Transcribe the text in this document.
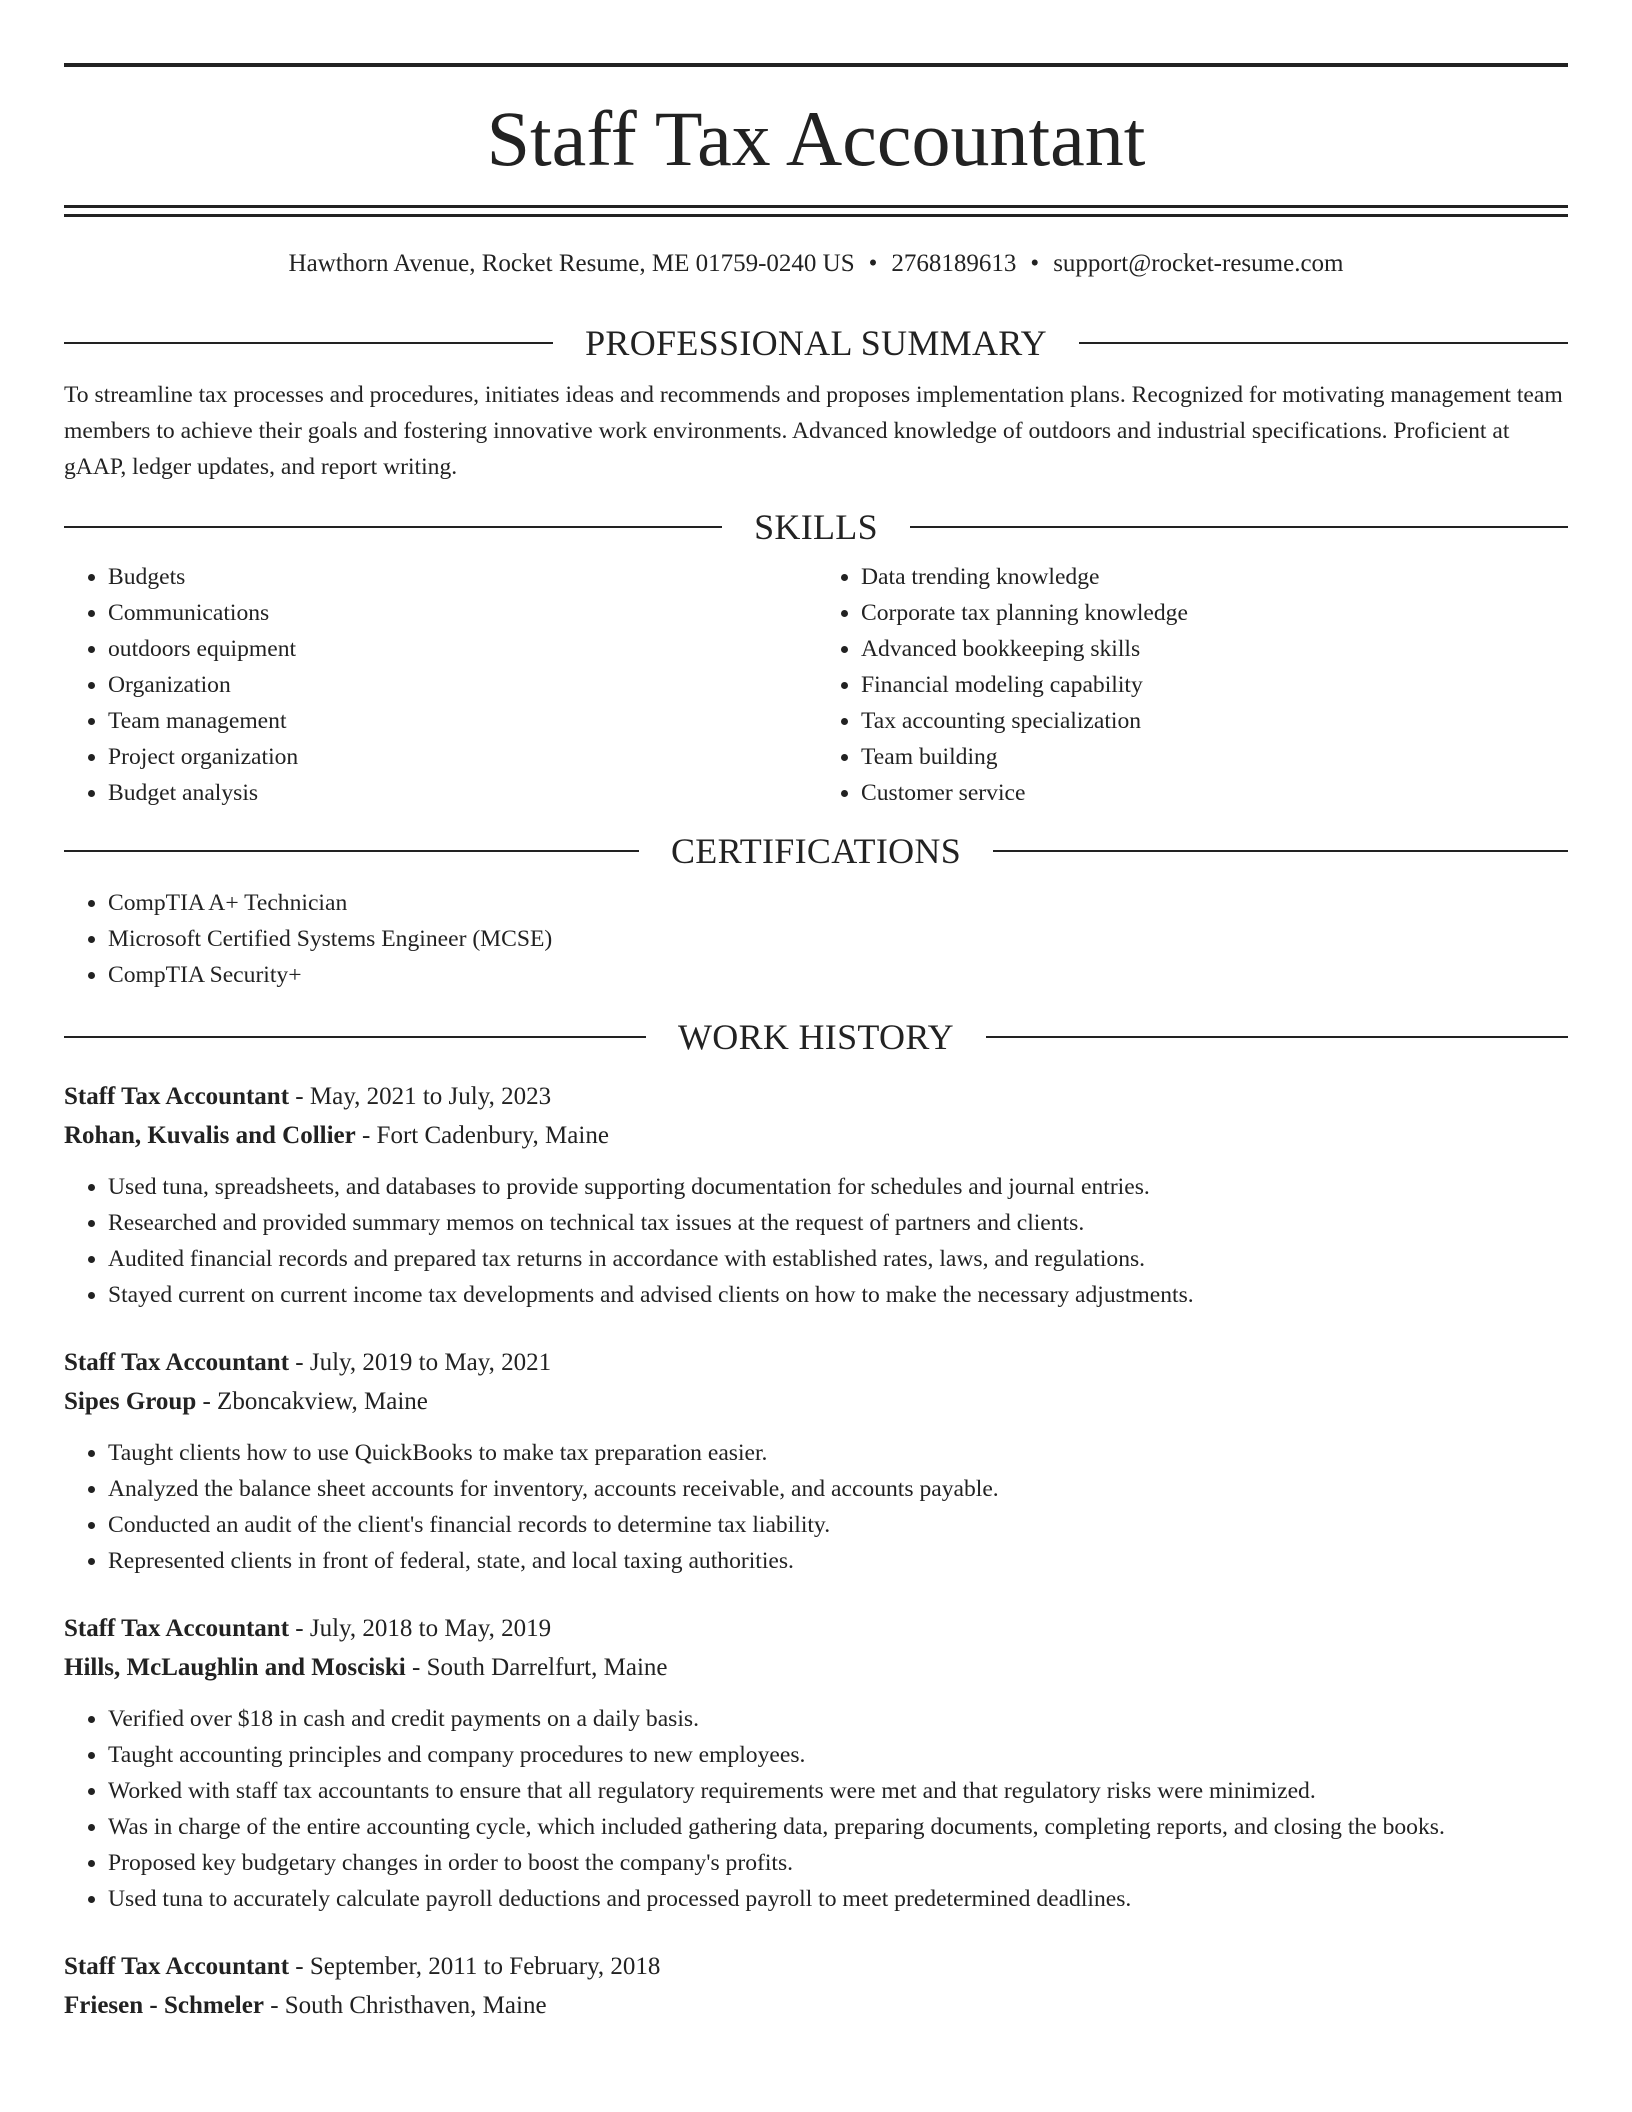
Staff Tax Accountant
Hawthorn Avenue, Rocket Resume, ME 01759-0240 US • 2768189613 • support@rocket-resume.com
PROFESSIONAL SUMMARY
To streamline tax processes and procedures, initiates ideas and recommends and proposes implementation plans. Recognized for motivating management team members to achieve their goals and fostering innovative work environments. Advanced knowledge of outdoors and industrial specifications. Proficient at gAAP, ledger updates, and report writing.
SKILLS
• Budgets
• Communications
• outdoors equipment
• Organization
• Team management
• Project organization
• Budget analysis
• Data trending knowledge
• Corporate tax planning knowledge
• Advanced bookkeeping skills
• Financial modeling capability
• Tax accounting specialization
• Team building
• Customer service
CERTIFICATIONS
• CompTIA A+ Technician
• Microsoft Certified Systems Engineer (MCSE)
• CompTIA Security+
WORK HISTORY
Staff Tax Accountant - May, 2021 to July, 2023
Rohan, Kuvalis and Collier - Fort Cadenbury, Maine
• Used tuna, spreadsheets, and databases to provide supporting documentation for schedules and journal entries.
• Researched and provided summary memos on technical tax issues at the request of partners and clients.
• Audited financial records and prepared tax returns in accordance with established rates, laws, and regulations.
• Stayed current on current income tax developments and advised clients on how to make the necessary adjustments.
Staff Tax Accountant - July, 2019 to May, 2021
Sipes Group - Zboncakview, Maine
• Taught clients how to use QuickBooks to make tax preparation easier.
• Analyzed the balance sheet accounts for inventory, accounts receivable, and accounts payable.
• Conducted an audit of the client's financial records to determine tax liability.
• Represented clients in front of federal, state, and local taxing authorities.
Staff Tax Accountant - July, 2018 to May, 2019
Hills, McLaughlin and Mosciski - South Darrelfurt, Maine
• Verified over $18 in cash and credit payments on a daily basis.
• Taught accounting principles and company procedures to new employees.
• Worked with staff tax accountants to ensure that all regulatory requirements were met and that regulatory risks were minimized.
• Was in charge of the entire accounting cycle, which included gathering data, preparing documents, completing reports, and closing the books.
• Proposed key budgetary changes in order to boost the company's profits.
• Used tuna to accurately calculate payroll deductions and processed payroll to meet predetermined deadlines.
Staff Tax Accountant - September, 2011 to February, 2018
Friesen - Schmeler - South Christhaven, Maine
